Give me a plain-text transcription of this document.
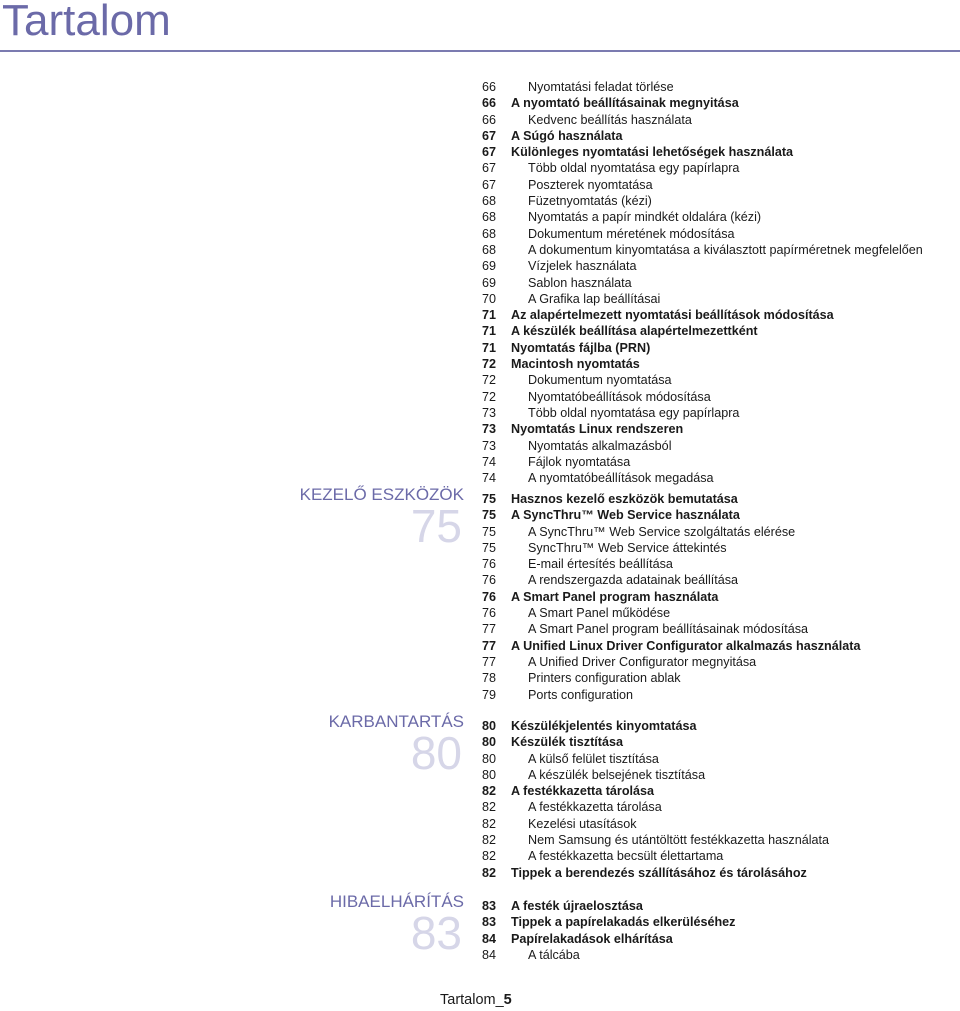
Tartalom
66	Nyomtatási feladat törlése
66 A nyomtató beállításainak megnyitása
66	Kedvenc beállítás használata
67 A Súgó használata
67 Különleges nyomtatási lehetőségek használata
67	Több oldal nyomtatása egy papírlapra
67	Poszterek nyomtatása
68	Füzetnyomtatás (kézi)
68	Nyomtatás a papír mindkét oldalára (kézi)
68	Dokumentum méretének módosítása
68	A dokumentum kinyomtatása a kiválasztott papírméretnek megfelelően
69	Vízjelek használata
69	Sablon használata
70	A Grafika lap beállításai
71 Az alapértelmezett nyomtatási beállítások módosítása
71 A készülék beállítása alapértelmezettként
71 Nyomtatás fájlba (PRN)
72 Macintosh nyomtatás
72	Dokumentum nyomtatása
72	Nyomtatóbeállítások módosítása
73	Több oldal nyomtatása egy papírlapra
73 Nyomtatás Linux rendszeren
73	Nyomtatás alkalmazásból
74	Fájlok nyomtatása
74	A nyomtatóbeállítások megadása
75 Hasznos kezelő eszközök bemutatása
75 A SyncThru™ Web Service használata
75	A SyncThru™ Web Service szolgáltatás elérése
75	SyncThru™ Web Service áttekintés
76	E-mail értesítés beállítása
76	A rendszergazda adatainak beállítása
76 A Smart Panel program használata
76	A Smart Panel működése
77	A Smart Panel program beállításainak módosítása
77 A Unified Linux Driver Configurator alkalmazás használata
77	A Unified Driver Configurator megnyitása
78	Printers configuration ablak
79	Ports configuration
KEZELŐ ESZKÖZÖK
75
80 Készülékjelentés kinyomtatása
80 Készülék tisztítása
80	A külső felület tisztítása
80	A készülék belsejének tisztítása
82 A festékkazetta tárolása
82	A festékkazetta tárolása
82	Kezelési utasítások
82	Nem Samsung és utántöltött festékkazetta használata
82	A festékkazetta becsült élettartama
82 Tippek a berendezés szállításához és tárolásához
KARBANTARTÁS
80
83 A festék újraelosztása
83 Tippek a papírelakadás elkerüléséhez
84 Papírelakadások elhárítása
84	A tálcába
HIBAELHÁRÍTÁS
83
Tartalom_5
